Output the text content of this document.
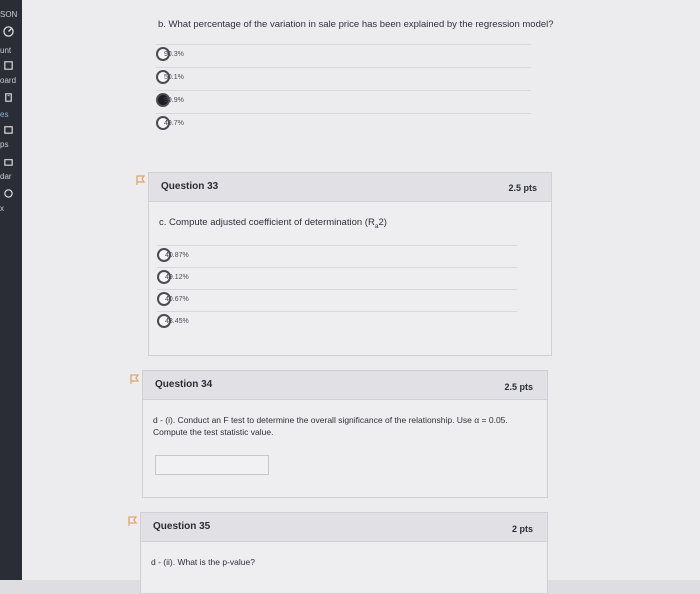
SON
unt
oard
es
ps
dar
x
b. What percentage of the variation in sale price has been explained by the regression model?
90.3%
50.1%
99.9%
49.7%
Question 33	2.5 pts
c. Compute adjusted coefficient of determination $(R_a2)$
40.87%
49.12%
40.67%
48.45%
Question 34	2.5 pts
d - (i). Conduct an F test to determine the overall significance of the relationship. Use α = 0.05.
Compute the test statistic value.
Question 35	2 pts
d - (ii). What is the p-value?
